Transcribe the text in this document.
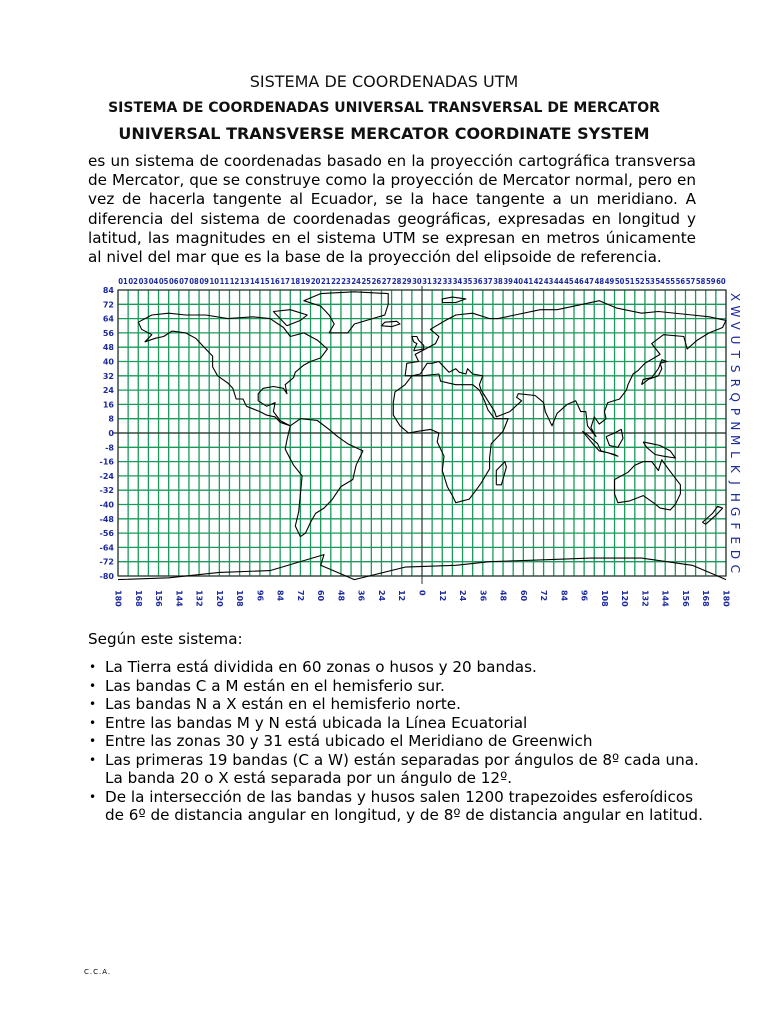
SISTEMA DE COORDENADAS UTM
SISTEMA DE COORDENADAS UNIVERSAL TRANSVERSAL DE MERCATOR
UNIVERSAL TRANSVERSE MERCATOR COORDINATE SYSTEM

es un sistema de coordenadas basado en la proyección cartográfica transversa de Mercator, que se construye como la proyección de Mercator normal, pero en vez de hacerla tangente al Ecuador, se la hace tangente a un meridiano. A diferencia del sistema de coordenadas geográficas, expresadas en longitud y latitud, las magnitudes en el sistema UTM se expresan en metros únicamente al nivel del mar que es la base de la proyección del elipsoide de referencia.

01 02 03 04 05 06 07 08 09 10 11 12 13 14 15 16 17 18 19 20 21 22 23 24 25 26 27 28 29 30 31 32 33 34 35 36 37 38 39 40 41 42 43 44 45 46 47 48 49 50 51 52 53 54 55 56 57 58 59 60
84
72
64
56
48
40
32
24
16
8
0
-8
-16
-24
-32
-40
-48
-56
-64
-72
-80
X
W
V
U
T
S
R
Q
P
N
M
L
K
J
H
G
F
E
D
C
180 168 156 144 132 120 108 96 84 72 60 48 36 24 12 0 12 24 36 48 60 72 84 96 108 120 132 144 156 168 180
Según este sistema:
• La Tierra está dividida en 60 zonas o husos y 20 bandas.
• Las bandas C a M están en el hemisferio sur.
• Las bandas N a X están en el hemisferio norte.
• Entre las bandas M y N está ubicada la Línea Ecuatorial
• Entre las zonas 30 y 31 está ubicado el Meridiano de Greenwich
• Las primeras 19 bandas (C a W) están separadas por ángulos de 8º cada una. La banda 20 o X está separada por un ángulo de 12º.
• De la intersección de las bandas y husos salen 1200 trapezoides esferoídicos de 6º de distancia angular en longitud, y de 8º de distancia angular en latitud.
C.C.A.
